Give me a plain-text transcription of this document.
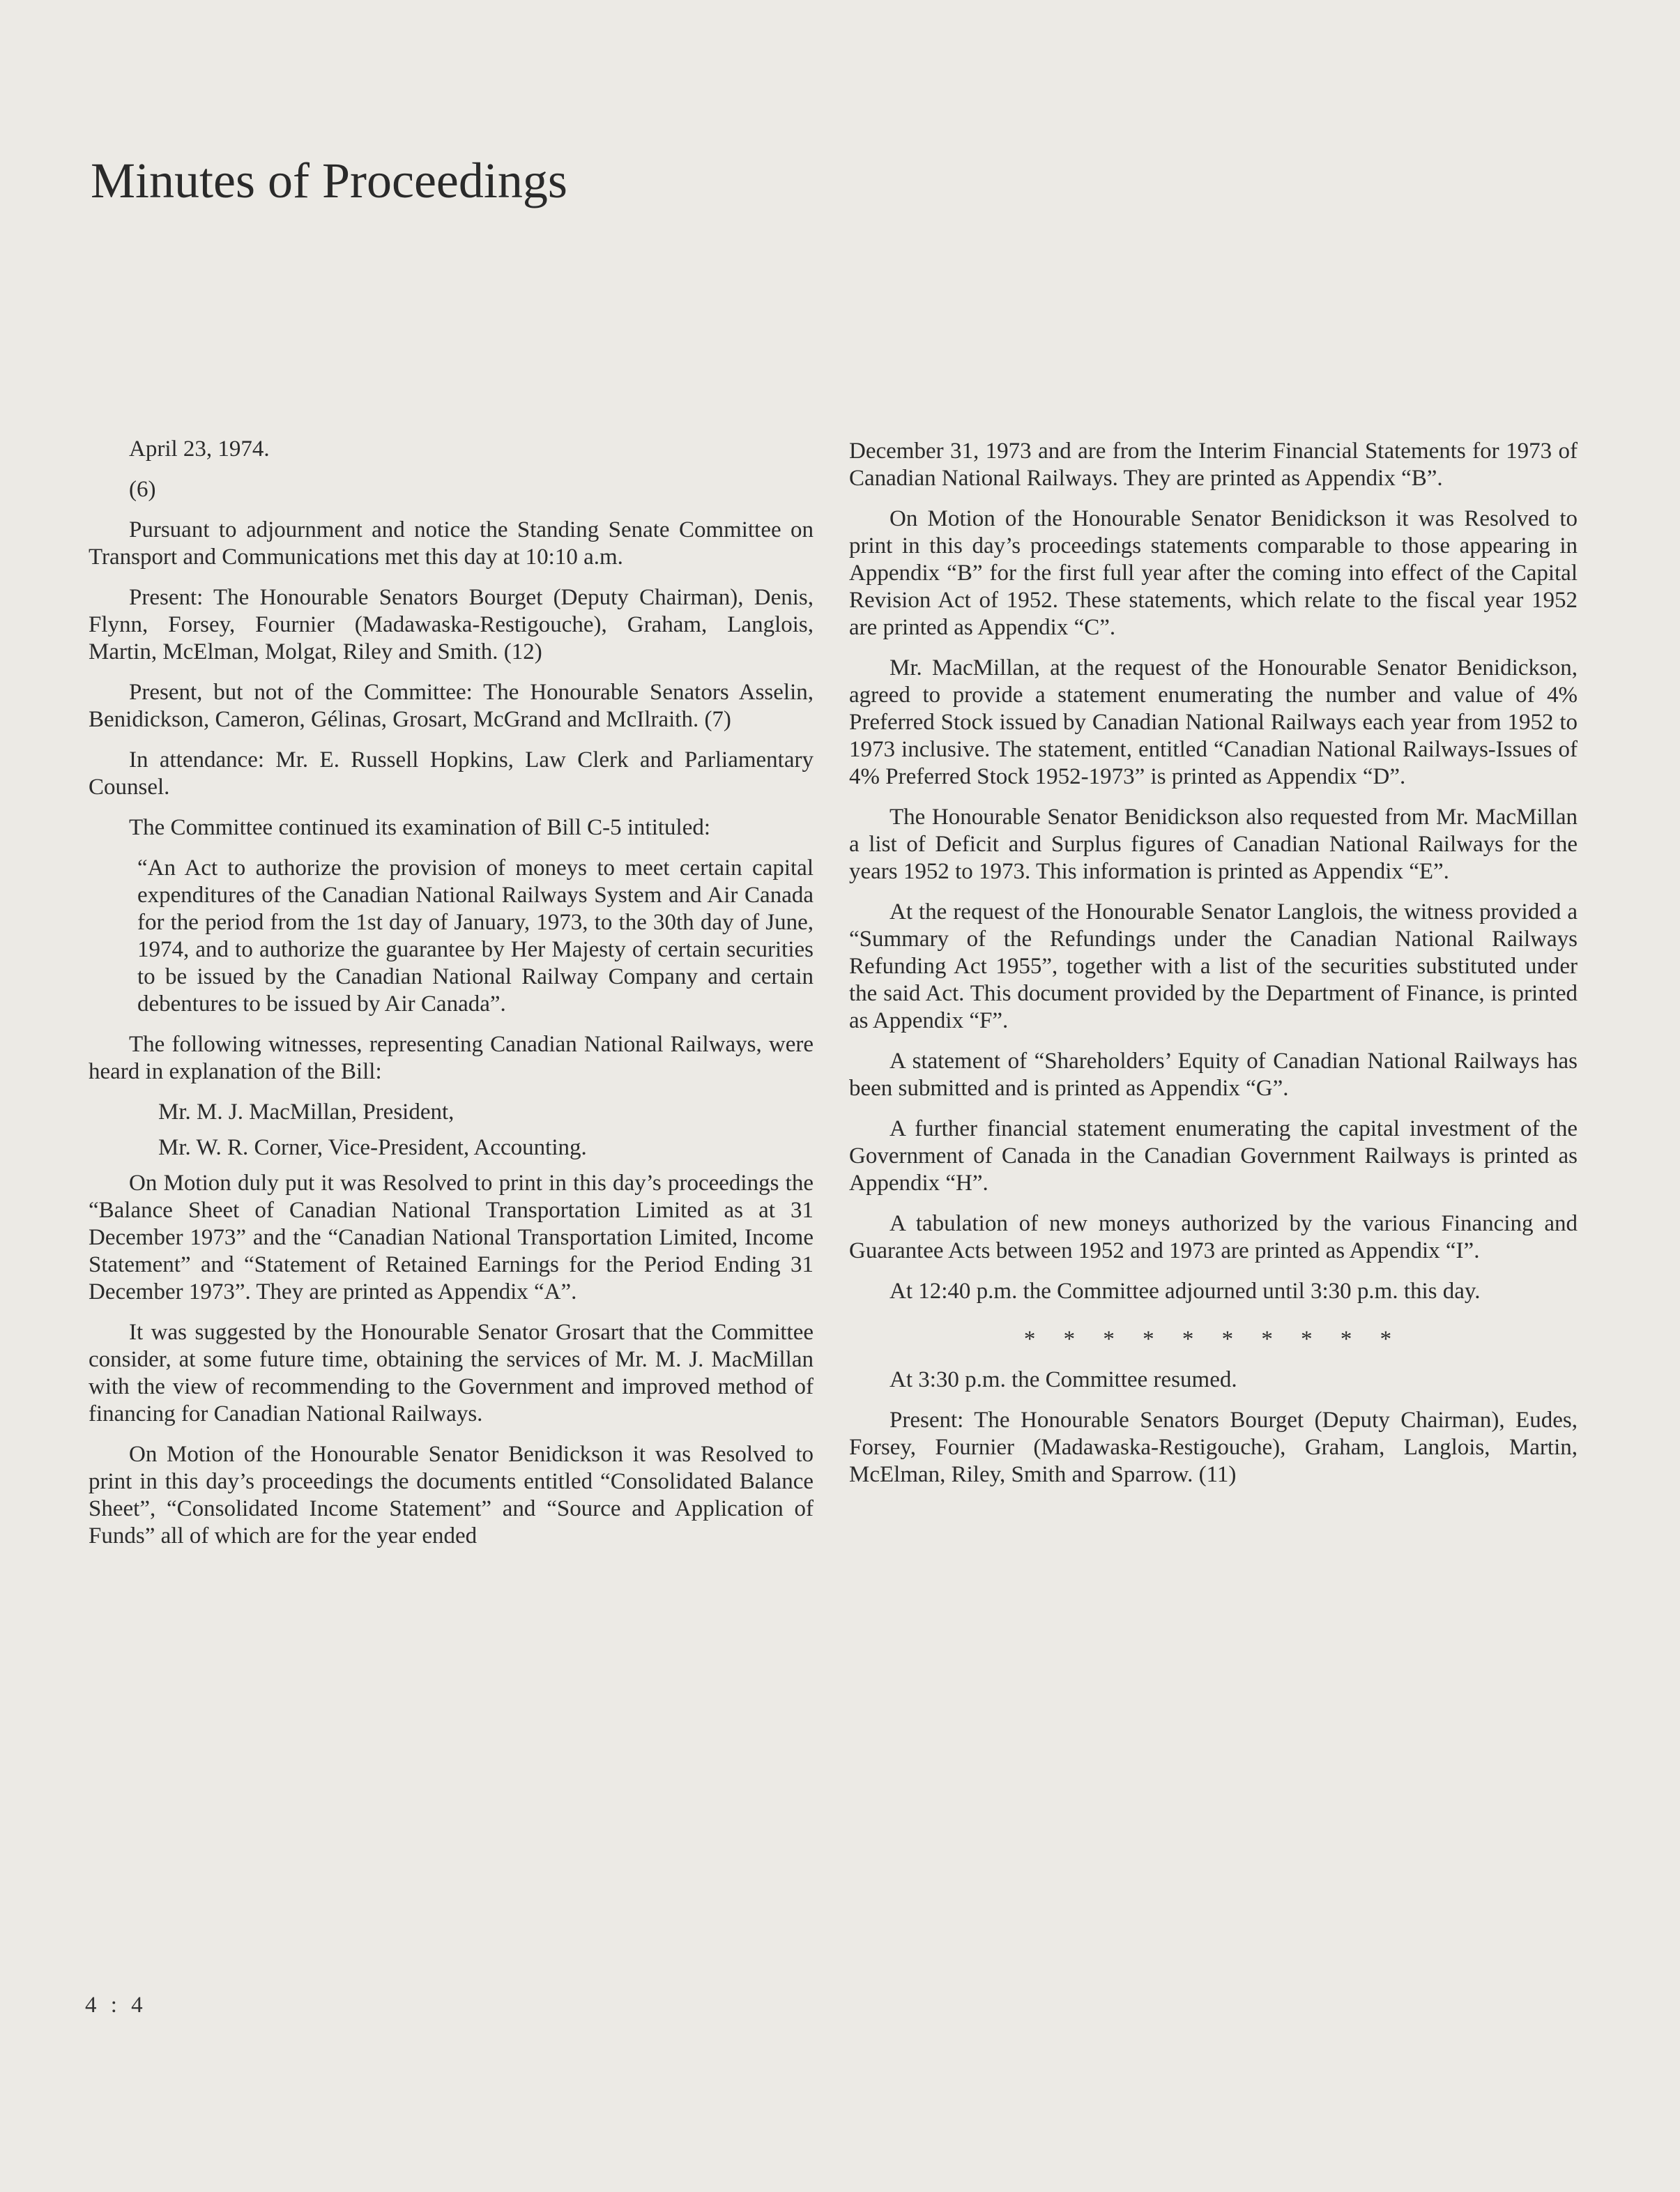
Minutes of Proceedings

April 23, 1974.

(6)

Pursuant to adjournment and notice the Standing Senate Committee on Transport and Communications met this day at 10:10 a.m.

Present: The Honourable Senators Bourget (Deputy Chairman), Denis, Flynn, Forsey, Fournier (Madawaska-Restigouche), Graham, Langlois, Martin, McElman, Molgat, Riley and Smith. (12)

Present, but not of the Committee: The Honourable Senators Asselin, Benidickson, Cameron, Gélinas, Grosart, McGrand and McIlraith. (7)

In attendance: Mr. E. Russell Hopkins, Law Clerk and Parliamentary Counsel.

The Committee continued its examination of Bill C-5 intituled:

“An Act to authorize the provision of moneys to meet certain capital expenditures of the Canadian National Railways System and Air Canada for the period from the 1st day of January, 1973, to the 30th day of June, 1974, and to authorize the guarantee by Her Majesty of certain securities to be issued by the Canadian National Railway Company and certain debentures to be issued by Air Canada”.

The following witnesses, representing Canadian National Railways, were heard in explanation of the Bill:

Mr. M. J. MacMillan, President,

Mr. W. R. Corner, Vice-President, Accounting.

On Motion duly put it was Resolved to print in this day’s proceedings the “Balance Sheet of Canadian National Transportation Limited as at 31 December 1973” and the “Canadian National Transportation Limited, Income Statement” and “Statement of Retained Earnings for the Period Ending 31 December 1973”. They are printed as Appendix “A”.

It was suggested by the Honourable Senator Grosart that the Committee consider, at some future time, obtaining the services of Mr. M. J. MacMillan with the view of recommending to the Government and improved method of financing for Canadian National Railways.

On Motion of the Honourable Senator Benidickson it was Resolved to print in this day’s proceedings the documents entitled “Consolidated Balance Sheet”, “Consolidated Income Statement” and “Source and Application of Funds” all of which are for the year ended

December 31, 1973 and are from the Interim Financial Statements for 1973 of Canadian National Railways. They are printed as Appendix “B”.

On Motion of the Honourable Senator Benidickson it was Resolved to print in this day’s proceedings statements comparable to those appearing in Appendix “B” for the first full year after the coming into effect of the Capital Revision Act of 1952. These statements, which relate to the fiscal year 1952 are printed as Appendix “C”.

Mr. MacMillan, at the request of the Honourable Senator Benidickson, agreed to provide a statement enumerating the number and value of 4% Preferred Stock issued by Canadian National Railways each year from 1952 to 1973 inclusive. The statement, entitled “Canadian National Railways-Issues of 4% Preferred Stock 1952-1973” is printed as Appendix “D”.

The Honourable Senator Benidickson also requested from Mr. MacMillan a list of Deficit and Surplus figures of Canadian National Railways for the years 1952 to 1973. This information is printed as Appendix “E”.

At the request of the Honourable Senator Langlois, the witness provided a “Summary of the Refundings under the Canadian National Railways Refunding Act 1955”, together with a list of the securities substituted under the said Act. This document provided by the Department of Finance, is printed as Appendix “F”.

A statement of “Shareholders’ Equity of Canadian National Railways has been submitted and is printed as Appendix “G”.

A further financial statement enumerating the capital investment of the Government of Canada in the Canadian Government Railways is printed as Appendix “H”.

A tabulation of new moneys authorized by the various Financing and Guarantee Acts between 1952 and 1973 are printed as Appendix “I”.

At 12:40 p.m. the Committee adjourned until 3:30 p.m. this day.

* * * * * * * * * *

At 3:30 p.m. the Committee resumed.

Present: The Honourable Senators Bourget (Deputy Chairman), Eudes, Forsey, Fournier (Madawaska-Restigouche), Graham, Langlois, Martin, McElman, Riley, Smith and Sparrow. (11)

4 : 4
